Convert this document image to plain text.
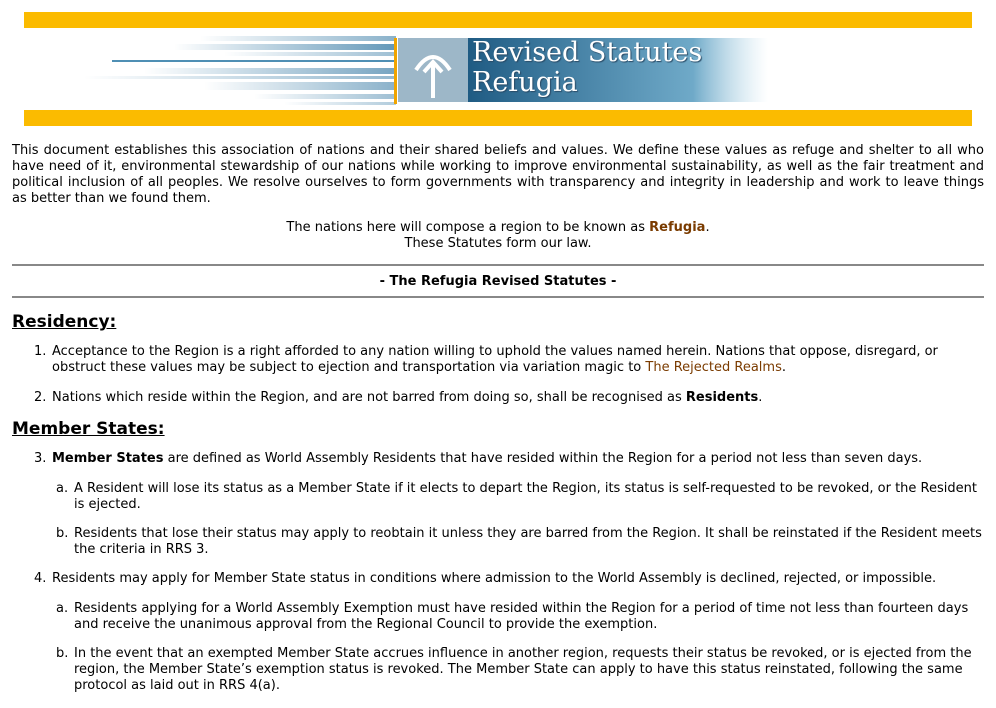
Revised Statutes
Refugia

This document establishes this association of nations and their shared beliefs and values. We define these values as refuge and shelter to all who have need of it, environmental stewardship of our nations while working to improve environmental sustainability, as well as the fair treatment and political inclusion of all peoples. We resolve ourselves to form governments with transparency and integrity in leadership and work to leave things as better than we found them.

The nations here will compose a region to be known as Refugia.
These Statutes form our law.
- The Refugia Revised Statutes -
Residency:
1. Acceptance to the Region is a right afforded to any nation willing to uphold the values named herein. Nations that oppose, disregard, or obstruct these values may be subject to ejection and transportation via variation magic to The Rejected Realms.

2. Nations which reside within the Region, and are not barred from doing so, shall be recognised as Residents.

Member States:
3. Member States are defined as World Assembly Residents that have resided within the Region for a period not less than seven days.

a. A Resident will lose its status as a Member State if it elects to depart the Region, its status is self-requested to be revoked, or the Resident is ejected.

b. Residents that lose their status may apply to reobtain it unless they are barred from the Region. It shall be reinstated if the Resident meets the criteria in RRS 3.

4. Residents may apply for Member State status in conditions where admission to the World Assembly is declined, rejected, or impossible.

a. Residents applying for a World Assembly Exemption must have resided within the Region for a period of time not less than fourteen days and receive the unanimous approval from the Regional Council to provide the exemption.

b. In the event that an exempted Member State accrues influence in another region, requests their status be revoked, or is ejected from the region, the Member State’s exemption status is revoked. The Member State can apply to have this status reinstated, following the same protocol as laid out in RRS 4(a).
